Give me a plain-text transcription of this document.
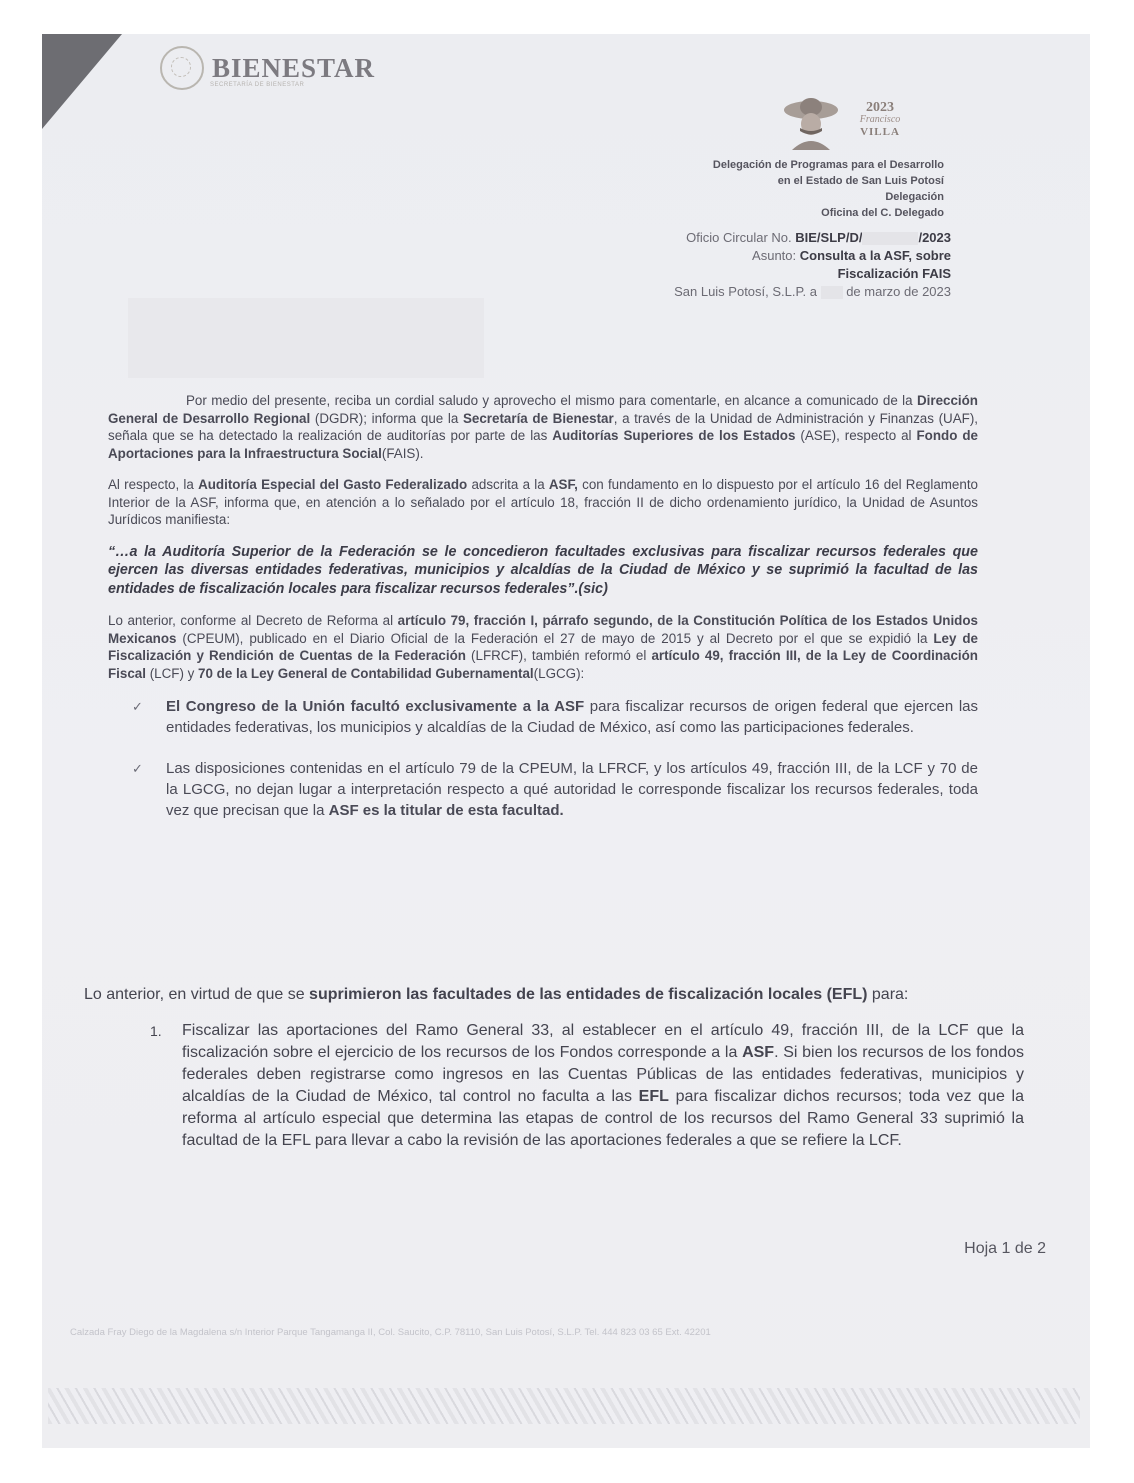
BIENESTAR
SECRETARÍA DE BIENESTAR
2023
Francisco
VILLA
Delegación de Programas para el Desarrollo
en el Estado de San Luis Potosí
Delegación
Oficina del C. Delegado
Oficio Circular No. BIE/SLP/D/	/2023
Asunto: Consulta a la ASF, sobre
Fiscalización FAIS
San Luis Potosí, S.L.P. a de marzo de 2023

Por medio del presente, reciba un cordial saludo y aprovecho el mismo para comentarle, en alcance a comunicado de la Dirección General de Desarrollo Regional (DGDR); informa que la Secretaría de Bienestar, a través de la Unidad de Administración y Finanzas (UAF), señala que se ha detectado la realización de auditorías por parte de las Auditorías Superiores de los Estados (ASE), respecto al Fondo de Aportaciones para la Infraestructura Social(FAIS).

Al respecto, la Auditoría Especial del Gasto Federalizado adscrita a la ASF, con fundamento en lo dispuesto por el artículo 16 del Reglamento Interior de la ASF, informa que, en atención a lo señalado por el artículo 18, fracción II de dicho ordenamiento jurídico, la Unidad de Asuntos Jurídicos manifiesta:

“…a la Auditoría Superior de la Federación se le concedieron facultades exclusivas para fiscalizar recursos federales que ejercen las diversas entidades federativas, municipios y alcaldías de la Ciudad de México y se suprimió la facultad de las entidades de fiscalización locales para fiscalizar recursos federales”.(sic)

Lo anterior, conforme al Decreto de Reforma al artículo 79, fracción I, párrafo segundo, de la Constitución Política de los Estados Unidos Mexicanos (CPEUM), publicado en el Diario Oficial de la Federación el 27 de mayo de 2015 y al Decreto por el que se expidió la Ley de Fiscalización y Rendición de Cuentas de la Federación (LFRCF), también reformó el artículo 49, fracción III, de la Ley de Coordinación Fiscal (LCF) y 70 de la Ley General de Contabilidad Gubernamental(LGCG):

✓ El Congreso de la Unión facultó exclusivamente a la ASF para fiscalizar recursos de origen federal que ejercen las entidades federativas, los municipios y alcaldías de la Ciudad de México, así como las participaciones federales.
✓ Las disposiciones contenidas en el artículo 79 de la CPEUM, la LFRCF, y los artículos 49, fracción III, de la LCF y 70 de la LGCG, no dejan lugar a interpretación respecto a qué autoridad le corresponde fiscalizar los recursos federales, toda vez que precisan que la ASF es la titular de esta facultad.
Lo anterior, en virtud de que se suprimieron las facultades de las entidades de fiscalización locales (EFL) para:
1. Fiscalizar las aportaciones del Ramo General 33, al establecer en el artículo 49, fracción III, de la LCF que la fiscalización sobre el ejercicio de los recursos de los Fondos corresponde a la ASF. Si bien los recursos de los fondos federales deben registrarse como ingresos en las Cuentas Públicas de las entidades federativas, municipios y alcaldías de la Ciudad de México, tal control no faculta a las EFL para fiscalizar dichos recursos; toda vez que la reforma al artículo especial que determina las etapas de control de los recursos del Ramo General 33 suprimió la facultad de la EFL para llevar a cabo la revisión de las aportaciones federales a que se refiere la LCF.
Hoja 1 de 2
Calzada Fray Diego de la Magdalena s/n Interior Parque Tangamanga II, Col. Saucito, C.P. 78110, San Luis Potosí, S.L.P. Tel. 444 823 03 65 Ext. 42201
